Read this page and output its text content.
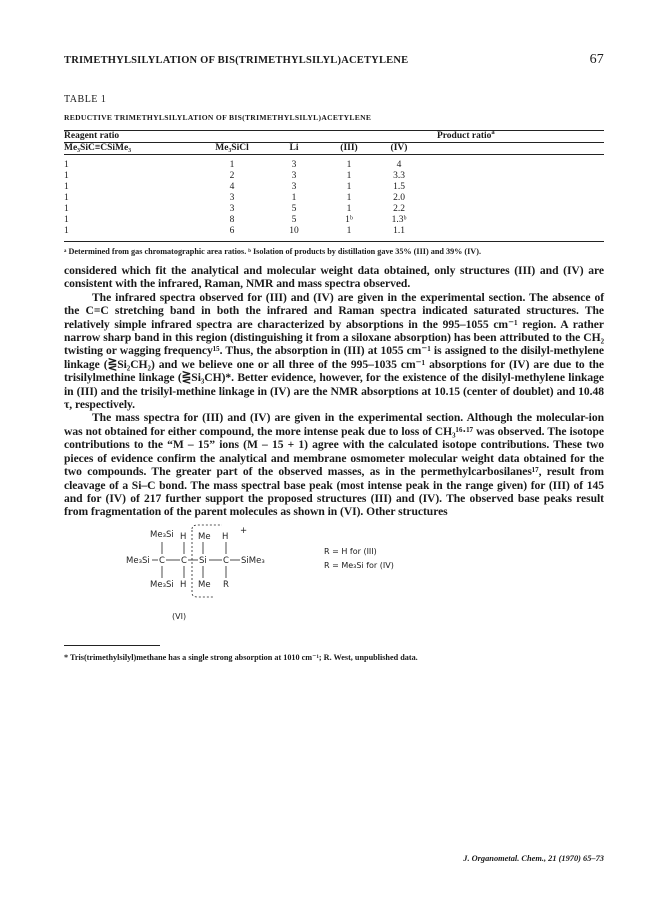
TRIMETHYLSILYLATION OF BIS(TRIMETHYLSILYL)ACETYLENE	67
TABLE 1
REDUCTIVE TRIMETHYLSILYLATION OF BIS(TRIMETHYLSILYL)ACETYLENE
Reagent ratio	Product ratio$^a$	
Me₃SiC≡CSiMe₃	Me₃SiCl	Li	(III)	(IV)	
1	1	3	1	4	
1	2	3	1	3.3	
1	4	3	1	1.5	
1	3	1	1	2.0	
1	3	5	1	2.2	
1	8	5	1ᵇ	1.3ᵇ	
1	6	10	1	1.1	
ᵃ Determined from gas chromatographic area ratios. ᵇ Isolation of products by distillation gave 35% (III) and 39% (IV).

considered which fit the analytical and molecular weight data obtained, only structures (III) and (IV) are consistent with the infrared, Raman, NMR and mass spectra observed.

The infrared spectra observed for (III) and (IV) are given in the experimental section. The absence of the C=C stretching band in both the infrared and Raman spectra indicated saturated structures. The relatively simple infrared spectra are characterized by absorptions in the 995–1055 cm⁻¹ region. A rather narrow sharp band in this region (distinguishing it from a siloxane absorption) has been attributed to the CH₂ twisting or wagging frequency¹⁵. Thus, the absorption in (III) at 1055 cm⁻¹ is assigned to the disilyl-methylene linkage (⋛Si₂CH₂) and we believe one or all three of the 995–1035 cm⁻¹ absorptions for (IV) are due to the trisilylmethine linkage (⋛Si₃CH)*. Better evidence, however, for the existence of the disilyl-methylene linkage in (III) and the trisilyl-methine linkage in (IV) are the NMR absorptions at 10.15 (center of doublet) and 10.48 τ, respectively.

The mass spectra for (III) and (IV) are given in the experimental section. Although the molecular-ion was not obtained for either compound, the more intense peak due to loss of CH₃¹⁶·¹⁷ was observed. The isotope contributions to the “M – 15” ions (M – 15 + 1) agree with the calculated isotope contributions. These two pieces of evidence confirm the analytical and membrane osmometer molecular weight data obtained for the two compounds. The greater part of the observed masses, as in the permethylcarbosilanes¹⁷, result from cleavage of a Si–C bond. The mass spectral base peak (most intense peak in the range given) for (III) of 145 and for (IV) of 217 further support the proposed structures (III) and (IV). The observed base peaks result from fragmentation of the parent molecules as shown in (VI). Other structures

Me₃Si H Me H
+
Me₃Si C C Si C SiMe₃
Me₃Si H Me R
(VI)
R = H for (III)
R = Me₃Si for (IV)
* Tris(trimethylsilyl)methane has a single strong absorption at 1010 cm⁻¹; R. West, unpublished data.
J. Organometal. Chem., 21 (1970) 65–73
